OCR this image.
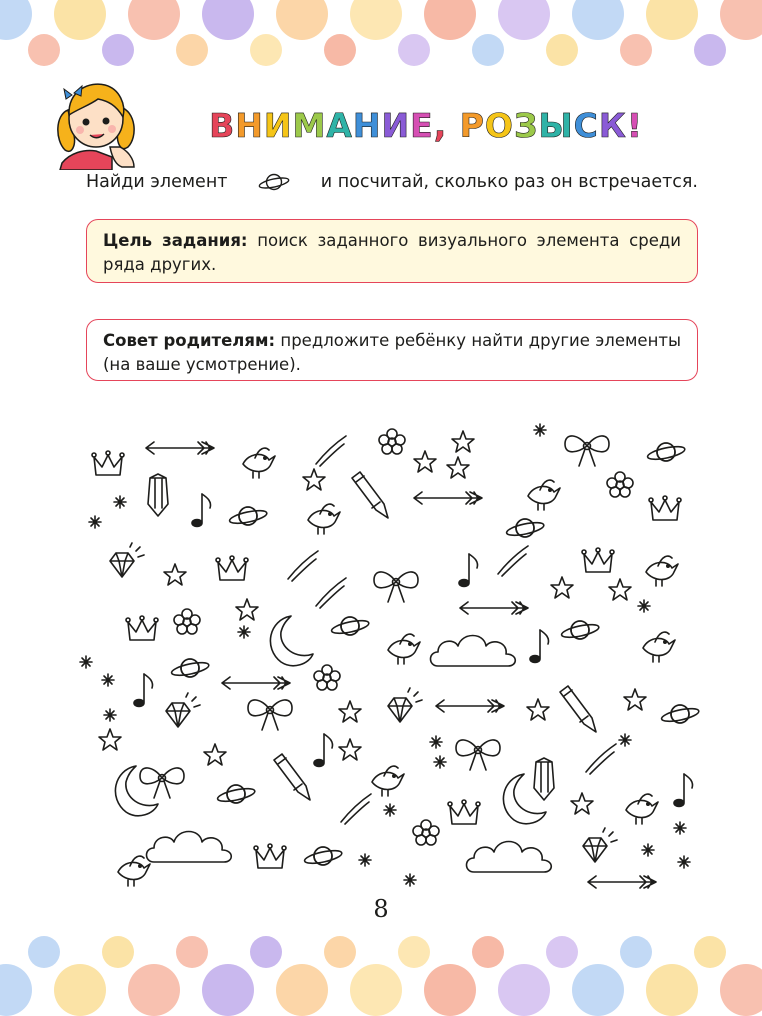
ВНИМАНИЕ, РОЗЫСК!
Найди элемент	и посчитай, сколько раз он встречается.
Цель задания: поиск заданного визуального элемента среди ряда других.
Совет родителям: предложите ребёнку найти другие элементы (на ваше усмотрение).
8
